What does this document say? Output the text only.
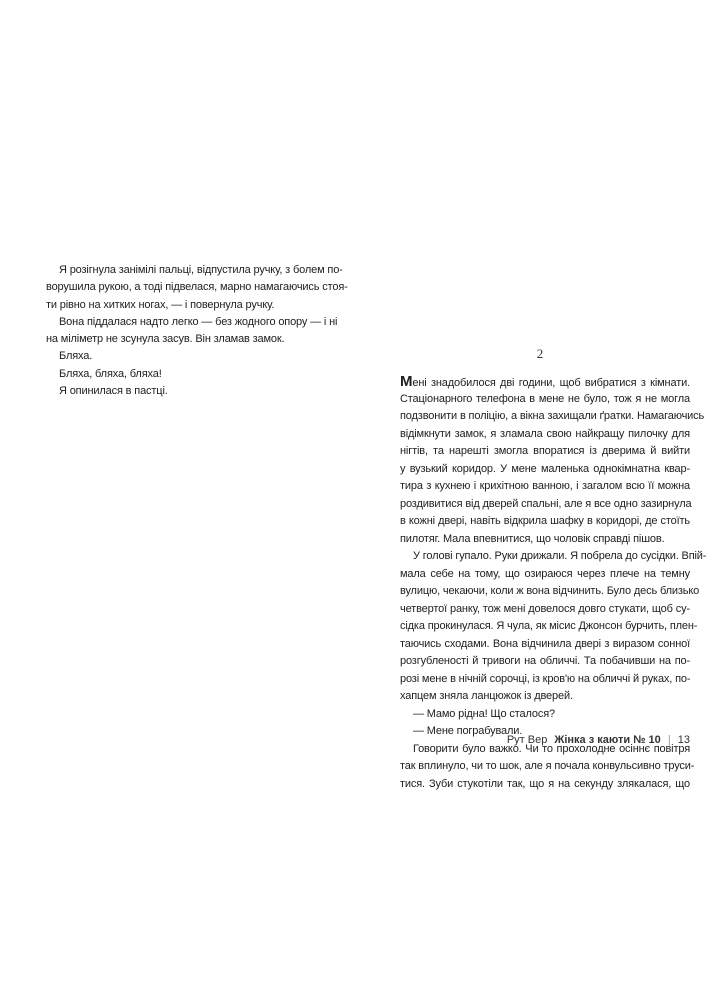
Я розігнула занімілі пальці, відпустила ручку, з болем по-
ворушила рукою, а тоді підвелася, марно намагаючись стоя-
ти рівно на хитких ногах, — і повернула ручку.
Вона піддалася надто легко — без жодного опору — і ні
на міліметр не зсунула засув. Він зламав замок.
Бляха.
Бляха, бляха, бляха!
Я опинилася в пастці.
2
Мені знадобилося дві години, щоб вибратися з кімнати.
Стаціонарного телефона в мене не було, тож я не могла
подзвонити в поліцію, а вікна захищали ґратки. Намагаючись
відімкнути замок, я зламала свою найкращу пилочку для
нігтів, та нарешті змогла впоратися із дверима й вийти
у вузький коридор. У мене маленька однокімнатна квар-
тира з кухнею і крихітною ванною, і загалом всю її можна
роздивитися від дверей спальні, але я все одно зазирнула
в кожні двері, навіть відкрила шафку в коридорі, де стоїть
пилотяг. Мала впевнитися, що чоловік справді пішов.
У голові гупало. Руки дрижали. Я побрела до сусідки. Впій-
мала себе на тому, що озираюся через плече на темну
вулицю, чекаючи, коли ж вона відчинить. Було десь близько
четвертої ранку, тож мені довелося довго стукати, щоб су-
сідка прокинулася. Я чула, як місис Джонсон бурчить, плен-
таючись сходами. Вона відчинила двері з виразом сонної
розгубленості й тривоги на обличчі. Та побачивши на по-
розі мене в нічній сорочці, із кров'ю на обличчі й руках, по-
хапцем зняла ланцюжок із дверей.
— Мамо рідна! Що сталося?
— Мене пограбували.
Говорити було важко. Чи то прохолодне осіннє повітря
так вплинуло, чи то шок, але я почала конвульсивно труси-
тися. Зуби стукотіли так, що я на секунду злякалася, що
Рут Вер Жінка з каюти № 10 | 13
